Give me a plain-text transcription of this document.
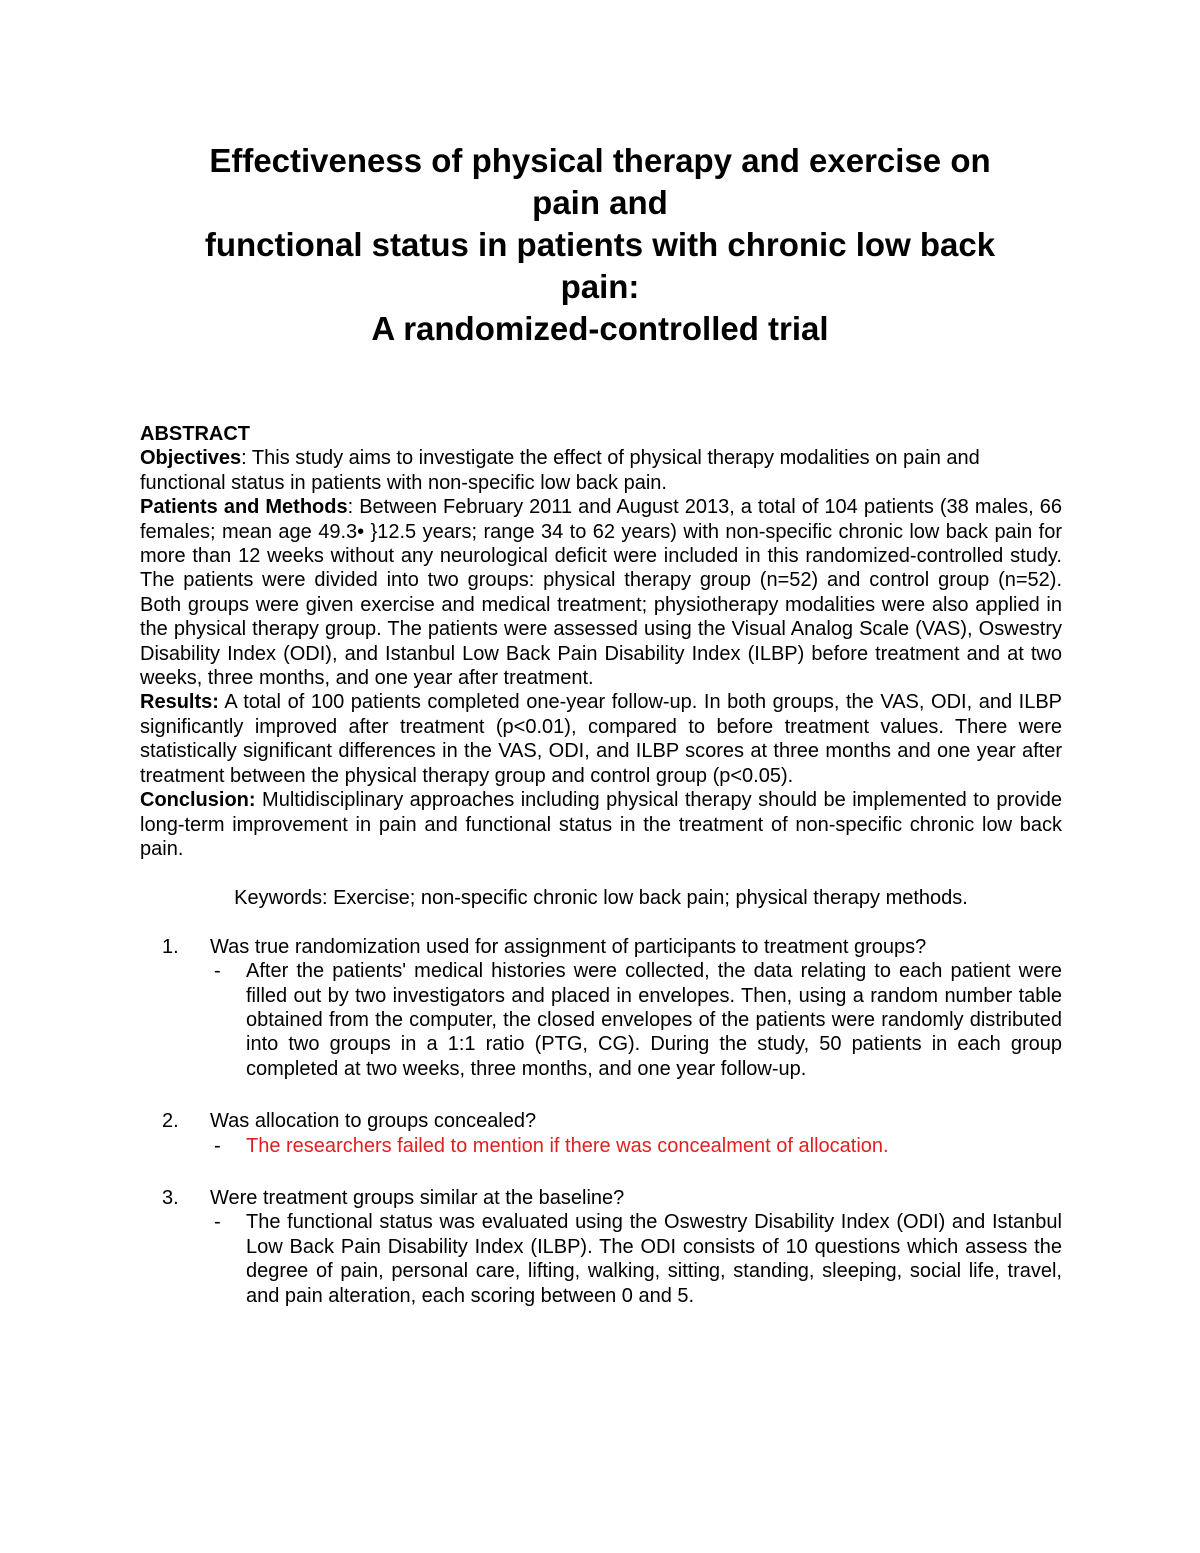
Effectiveness of physical therapy and exercise on
pain and
functional status in patients with chronic low back
pain:
A randomized-controlled trial
ABSTRACT

Objectives: This study aims to investigate the effect of physical therapy modalities on pain and functional status in patients with non-specific low back pain.

Patients and Methods: Between February 2011 and August 2013, a total of 104 patients (38 males, 66 females; mean age 49.3• }12.5 years; range 34 to 62 years) with non-specific chronic low back pain for more than 12 weeks without any neurological deficit were included in this randomized-controlled study. The patients were divided into two groups: physical therapy group (n=52) and control group (n=52). Both groups were given exercise and medical treatment; physiotherapy modalities were also applied in the physical therapy group. The patients were assessed using the Visual Analog Scale (VAS), Oswestry Disability Index (ODI), and Istanbul Low Back Pain Disability Index (ILBP) before treatment and at two weeks, three months, and one year after treatment.

Results: A total of 100 patients completed one-year follow-up. In both groups, the VAS, ODI, and ILBP significantly improved after treatment (p<0.01), compared to before treatment values. There were statistically significant differences in the VAS, ODI, and ILBP scores at three months and one year after treatment between the physical therapy group and control group (p<0.05).

Conclusion: Multidisciplinary approaches including physical therapy should be implemented to provide long-term improvement in pain and functional status in the treatment of non-specific chronic low back pain.

Keywords: Exercise; non-specific chronic low back pain; physical therapy methods.

1. Was true randomization used for assignment of participants to treatment groups?
- After the patients' medical histories were collected, the data relating to each patient were filled out by two investigators and placed in envelopes. Then, using a random number table obtained from the computer, the closed envelopes of the patients were randomly distributed into two groups in a 1:1 ratio (PTG, CG). During the study, 50 patients in each group completed at two weeks, three months, and one year follow-up.
2. Was allocation to groups concealed?
- The researchers failed to mention if there was concealment of allocation.
3. Were treatment groups similar at the baseline?
- The functional status was evaluated using the Oswestry Disability Index (ODI) and Istanbul Low Back Pain Disability Index (ILBP). The ODI consists of 10 questions which assess the degree of pain, personal care, lifting, walking, sitting, standing, sleeping, social life, travel, and pain alteration, each scoring between 0 and 5.
